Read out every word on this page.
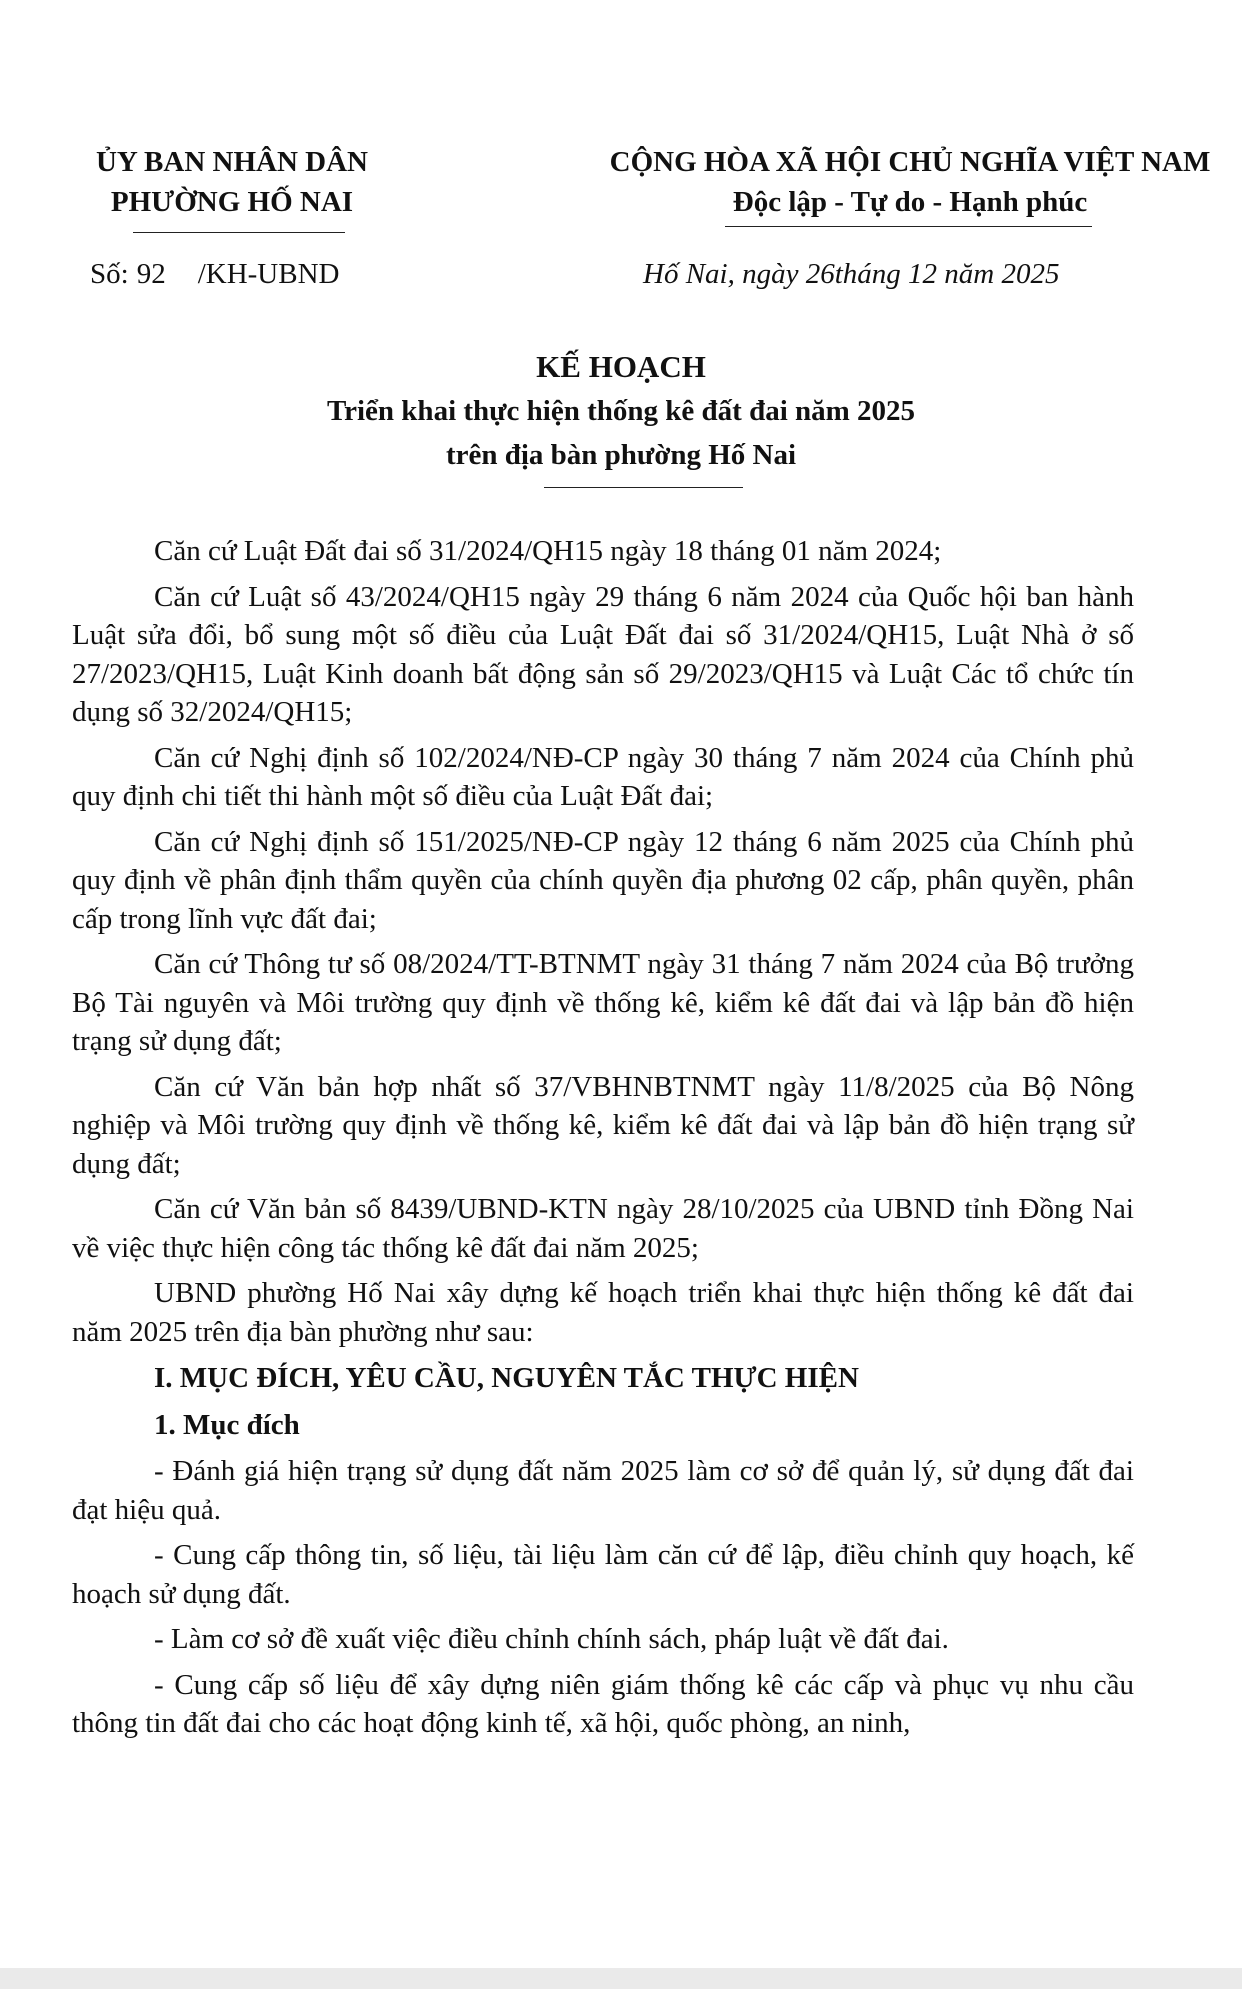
ỦY BAN NHÂN DÂN
PHƯỜNG HỐ NAI
CỘNG HÒA XÃ HỘI CHỦ NGHĨA VIỆT NAM
Độc lập - Tự do - Hạnh phúc
Số: 92 /KH-UBND	Hố Nai, ngày 26tháng 12 năm 2025
KẾ HOẠCH
Triển khai thực hiện thống kê đất đai năm 2025
trên địa bàn phường Hố Nai

Căn cứ Luật Đất đai số 31/2024/QH15 ngày 18 tháng 01 năm 2024;

Căn cứ Luật số 43/2024/QH15 ngày 29 tháng 6 năm 2024 của Quốc hội ban hành Luật sửa đổi, bổ sung một số điều của Luật Đất đai số 31/2024/QH15, Luật Nhà ở số 27/2023/QH15, Luật Kinh doanh bất động sản số 29/2023/QH15 và Luật Các tổ chức tín dụng số 32/2024/QH15;

Căn cứ Nghị định số 102/2024/NĐ-CP ngày 30 tháng 7 năm 2024 của Chính phủ quy định chi tiết thi hành một số điều của Luật Đất đai;

Căn cứ Nghị định số 151/2025/NĐ-CP ngày 12 tháng 6 năm 2025 của Chính phủ quy định về phân định thẩm quyền của chính quyền địa phương 02 cấp, phân quyền, phân cấp trong lĩnh vực đất đai;

Căn cứ Thông tư số 08/2024/TT-BTNMT ngày 31 tháng 7 năm 2024 của Bộ trưởng Bộ Tài nguyên và Môi trường quy định về thống kê, kiểm kê đất đai và lập bản đồ hiện trạng sử dụng đất;

Căn cứ Văn bản hợp nhất số 37/VBHNBTNMT ngày 11/8/2025 của Bộ Nông nghiệp và Môi trường quy định về thống kê, kiểm kê đất đai và lập bản đồ hiện trạng sử dụng đất;

Căn cứ Văn bản số 8439/UBND-KTN ngày 28/10/2025 của UBND tỉnh Đồng Nai về việc thực hiện công tác thống kê đất đai năm 2025;

UBND phường Hố Nai xây dựng kế hoạch triển khai thực hiện thống kê đất đai năm 2025 trên địa bàn phường như sau:

I. MỤC ĐÍCH, YÊU CẦU, NGUYÊN TẮC THỰC HIỆN
1. Mục đích

- Đánh giá hiện trạng sử dụng đất năm 2025 làm cơ sở để quản lý, sử dụng đất đai đạt hiệu quả.

- Cung cấp thông tin, số liệu, tài liệu làm căn cứ để lập, điều chỉnh quy hoạch, kế hoạch sử dụng đất.

- Làm cơ sở đề xuất việc điều chỉnh chính sách, pháp luật về đất đai.

- Cung cấp số liệu để xây dựng niên giám thống kê các cấp và phục vụ nhu cầu thông tin đất đai cho các hoạt động kinh tế, xã hội, quốc phòng, an ninh,
